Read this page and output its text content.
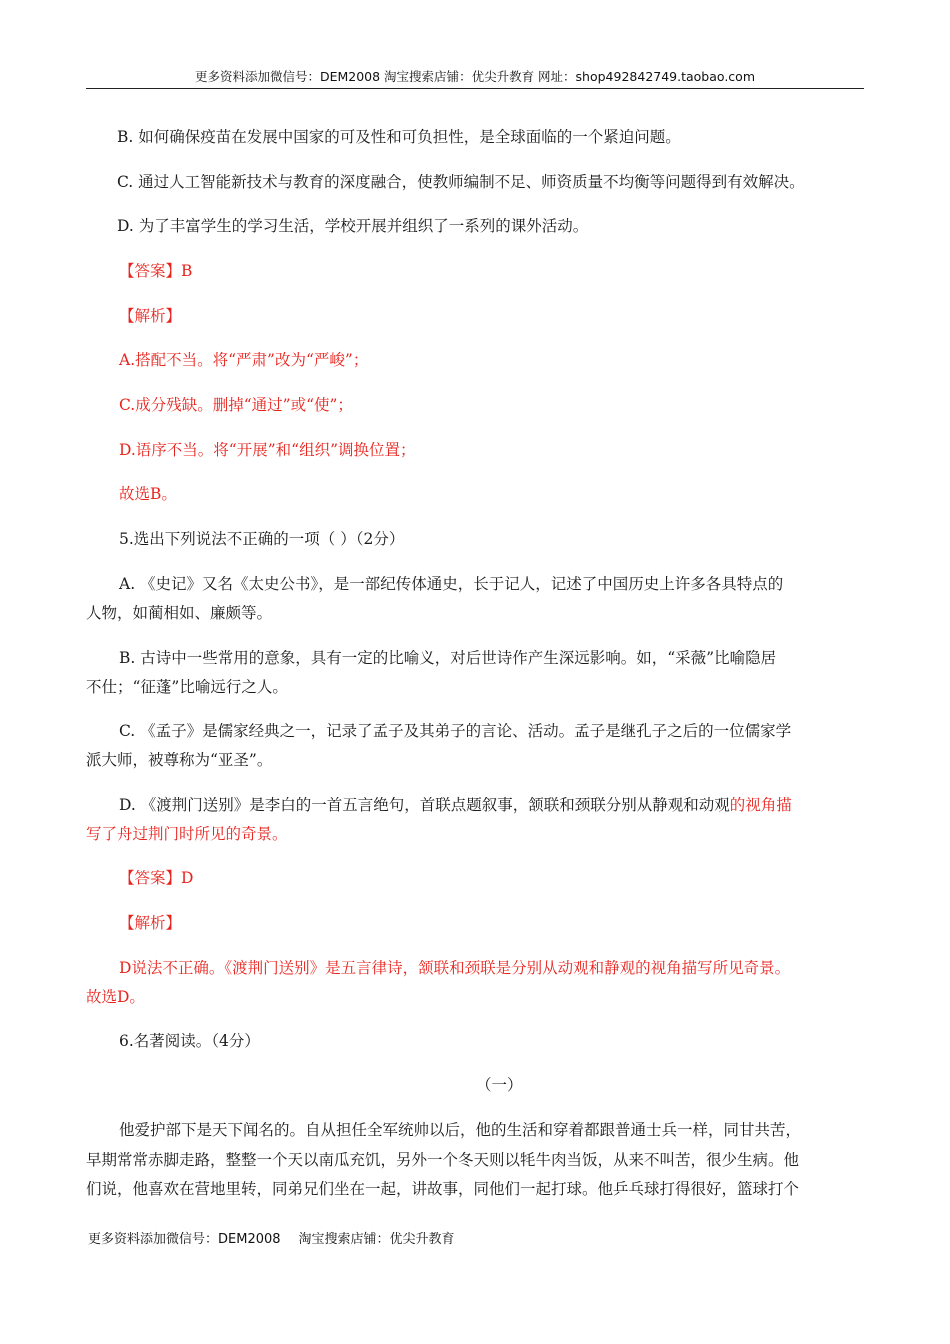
更多资料添加微信号：DEM2008 淘宝搜索店铺：优尖升教育 网址：shop492842749.taobao.com
B. 如何确保疫苗在发展中国家的可及性和可负担性，是全球面临的一个紧迫问题。
C. 通过人工智能新技术与教育的深度融合，使教师编制不足、师资质量不均衡等问题得到有效解决。
D. 为了丰富学生的学习生活，学校开展并组织了一系列的课外活动。
【答案】B
【解析】
A.搭配不当。将“严肃”改为“严峻”；
C.成分残缺。删掉“通过”或“使”；
D.语序不当。将“开展”和“组织”调换位置；
故选B。
5.选出下列说法不正确的一项（ ）（2分）
A. 《史记》又名《太史公书》，是一部纪传体通史，长于记人，记述了中国历史上许多各具特点的
人物，如蔺相如、廉颇等。
B. 古诗中一些常用的意象，具有一定的比喻义，对后世诗作产生深远影响。如，“采薇”比喻隐居
不仕；“征蓬”比喻远行之人。
C. 《孟子》是儒家经典之一，记录了孟子及其弟子的言论、活动。孟子是继孔子之后的一位儒家学
派大师，被尊称为“亚圣”。
D. 《渡荆门送别》是李白的一首五言绝句，首联点题叙事，颔联和颈联分别从静观和动观的视角描
写了舟过荆门时所见的奇景。
【答案】D
【解析】
D说法不正确。《渡荆门送别》是五言律诗，颔联和颈联是分别从动观和静观的视角描写所见奇景。
故选D。
6.名著阅读。（4分）
（一）
他爱护部下是天下闻名的。自从担任全军统帅以后，他的生活和穿着都跟普通士兵一样，同甘共苦，
早期常常赤脚走路，整整一个天以南瓜充饥，另外一个冬天则以牦牛肉当饭，从来不叫苦，很少生病。他
们说，他喜欢在营地里转，同弟兄们坐在一起，讲故事，同他们一起打球。他乒乓球打得很好，篮球打个
更多资料添加微信号：DEM2008 淘宝搜索店铺：优尖升教育
